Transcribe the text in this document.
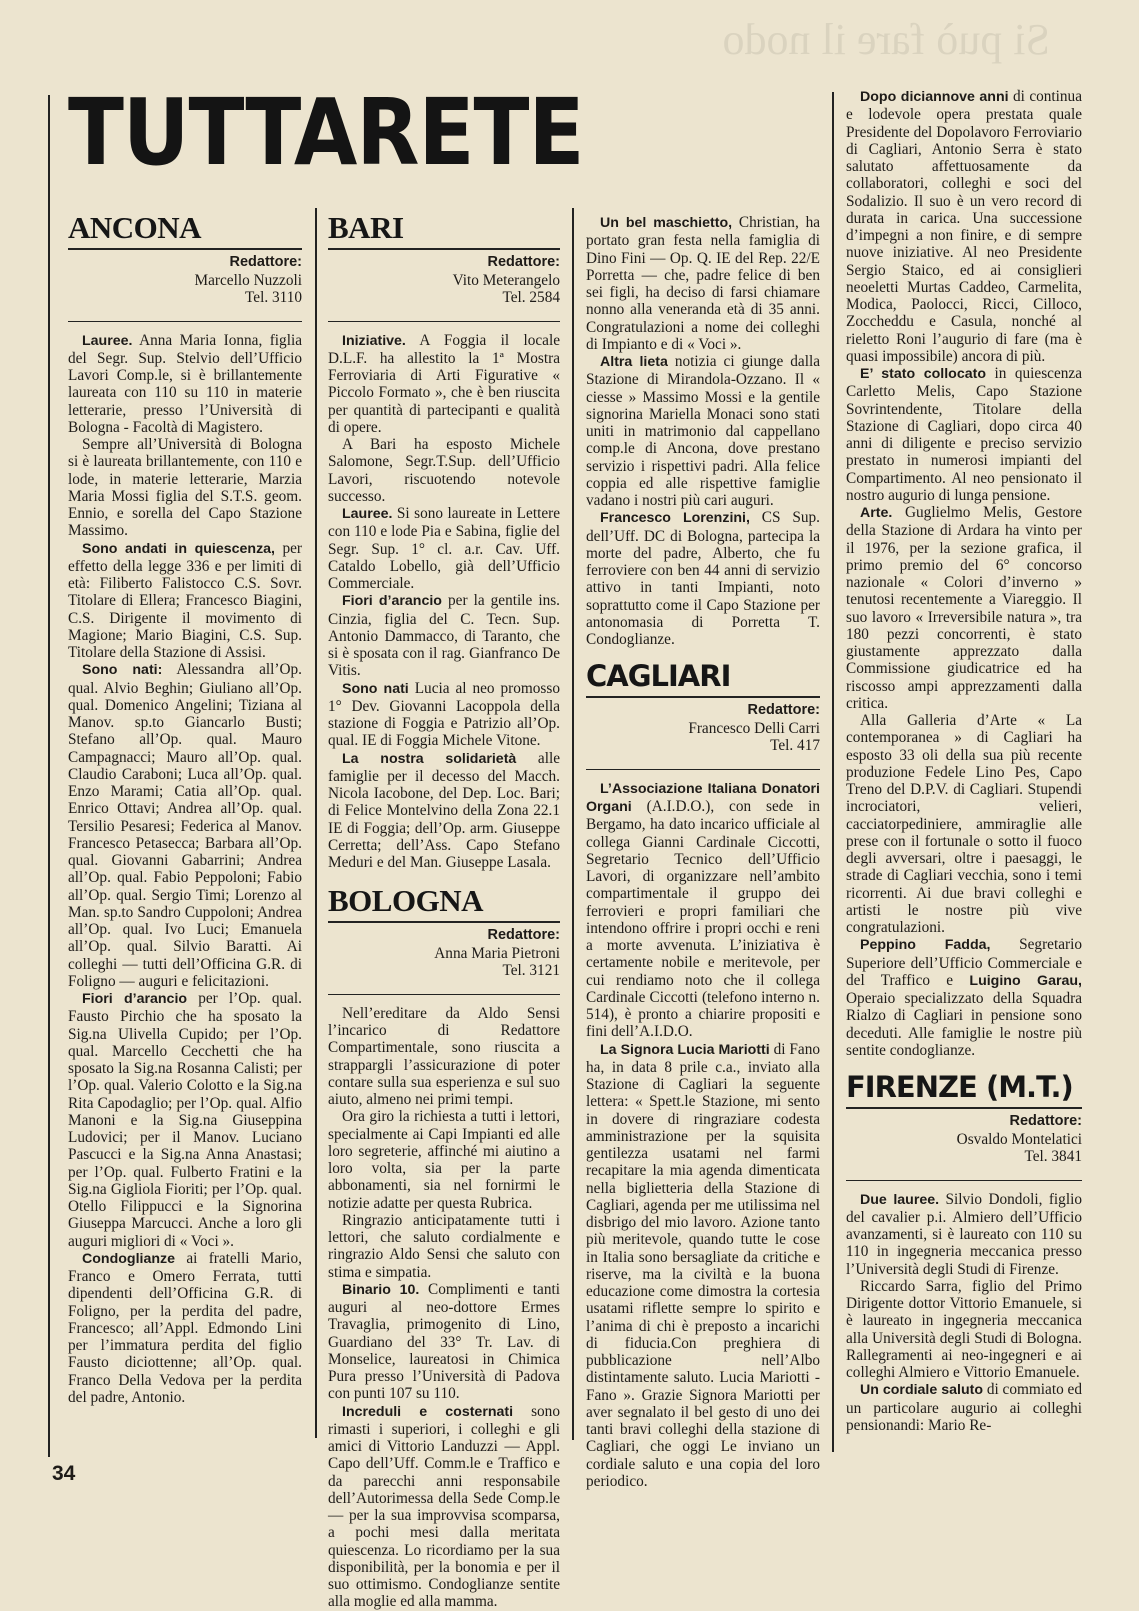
Si può fare il nodo
TUTTARETE
ANCONA
Redattore:
Marcello Nuzzoli
Tel. 3110

Lauree. Anna Maria Ionna, figlia del Segr. Sup. Stelvio dell’Ufficio Lavori Comp.le, si è brillantemente laureata con 110 su 110 in materie letterarie, presso l’Università di Bologna - Facoltà di Magistero.

Sempre all’Università di Bologna si è laureata brillantemente, con 110 e lode, in materie letterarie, Marzia Maria Mossi figlia del S.T.S. geom. Ennio, e sorella del Capo Stazione Massimo.

Sono andati in quiescenza, per effetto della legge 336 e per limiti di età: Filiberto Falistocco C.S. Sovr. Titolare di Ellera; Francesco Biagini, C.S. Dirigente il movimento di Magione; Mario Biagini, C.S. Sup. Titolare della Stazione di Assisi.

Sono nati: Alessandra all’Op. qual. Alvio Beghin; Giuliano all’Op. qual. Domenico Angelini; Tiziana al Manov. sp.to Giancarlo Busti; Stefano all’Op. qual. Mauro Campagnacci; Mauro all’Op. qual. Claudio Caraboni; Luca all’Op. qual. Enzo Marami; Catia all’Op. qual. Enrico Ottavi; Andrea all’Op. qual. Tersilio Pesaresi; Federica al Manov. Francesco Petasecca; Barbara all’Op. qual. Giovanni Gabarrini; Andrea all’Op. qual. Fabio Peppoloni; Fabio all’Op. qual. Sergio Timi; Lorenzo al Man. sp.to Sandro Cuppoloni; Andrea all’Op. qual. Ivo Luci; Emanuela all’Op. qual. Silvio Baratti. Ai colleghi — tutti dell’Officina G.R. di Foligno — auguri e felicitazioni.

Fiori d’arancio per l’Op. qual. Fausto Pirchio che ha sposato la Sig.na Ulivella Cupido; per l’Op. qual. Marcello Cecchetti che ha sposato la Sig.na Rosanna Calisti; per l’Op. qual. Valerio Colotto e la Sig.na Rita Capodaglio; per l’Op. qual. Alfio Manoni e la Sig.na Giuseppina Ludovici; per il Manov. Luciano Pascucci e la Sig.na Anna Anastasi; per l’Op. qual. Fulberto Fratini e la Sig.na Gigliola Fioriti; per l’Op. qual. Otello Filippucci e la Signorina Giuseppa Marcucci. Anche a loro gli auguri migliori di « Voci ».

Condoglianze ai fratelli Mario, Franco e Omero Ferrata, tutti dipendenti dell’Officina G.R. di Foligno, per la perdita del padre, Francesco; all’Appl. Edmondo Lini per l’immatura perdita del figlio Fausto diciottenne; all’Op. qual. Franco Della Vedova per la perdita del padre, Antonio.

BARI
Redattore:
Vito Meterangelo
Tel. 2584

Iniziative. A Foggia il locale D.L.F. ha allestito la 1ª Mostra Ferroviaria di Arti Figurative « Piccolo Formato », che è ben riuscita per quantità di partecipanti e qualità di opere.

A Bari ha esposto Michele Salomone, Segr.T.Sup. dell’Ufficio Lavori, riscuotendo notevole successo.

Lauree. Si sono laureate in Lettere con 110 e lode Pia e Sabina, figlie del Segr. Sup. 1° cl. a.r. Cav. Uff. Cataldo Lobello, già dell’Ufficio Commerciale.

Fiori d’arancio per la gentile ins. Cinzia, figlia del C. Tecn. Sup. Antonio Dammacco, di Taranto, che si è sposata con il rag. Gianfranco De Vitis.

Sono nati Lucia al neo promosso 1° Dev. Giovanni Lacoppola della stazione di Foggia e Patrizio all’Op. qual. IE di Foggia Michele Vitone.

La nostra solidarietà alle famiglie per il decesso del Macch. Nicola Iacobone, del Dep. Loc. Bari; di Felice Montelvino della Zona 22.1 IE di Foggia; dell’Op. arm. Giuseppe Cerretta; dell’Ass. Capo Stefano Meduri e del Man. Giuseppe Lasala.

BOLOGNA
Redattore:
Anna Maria Pietroni
Tel. 3121

Nell’ereditare da Aldo Sensi l’incarico di Redattore Compartimentale, sono riuscita a strappargli l’assicurazione di poter contare sulla sua esperienza e sul suo aiuto, almeno nei primi tempi.

Ora giro la richiesta a tutti i lettori, specialmente ai Capi Impianti ed alle loro segreterie, affinché mi aiutino a loro volta, sia per la parte abbonamenti, sia nel fornirmi le notizie adatte per questa Rubrica.

Ringrazio anticipatamente tutti i lettori, che saluto cordialmente e ringrazio Aldo Sensi che saluto con stima e simpatia.

Binario 10. Complimenti e tanti auguri al neo-dottore Ermes Travaglia, primogenito di Lino, Guardiano del 33° Tr. Lav. di Monselice, laureatosi in Chimica Pura presso l’Università di Padova con punti 107 su 110.

Increduli e costernati sono rimasti i superiori, i colleghi e gli amici di Vittorio Landuzzi — Appl. Capo dell’Uff. Comm.le e Traffico e da parecchi anni responsabile dell’Autorimessa della Sede Comp.le — per la sua improvvisa scomparsa, a pochi mesi dalla meritata quiescenza. Lo ricordiamo per la sua disponibilità, per la bonomia e per il suo ottimismo. Condoglianze sentite alla moglie ed alla mamma.

Un bel maschietto, Christian, ha portato gran festa nella famiglia di Dino Fini — Op. Q. IE del Rep. 22/E Porretta — che, padre felice di ben sei figli, ha deciso di farsi chiamare nonno alla veneranda età di 35 anni. Congratulazioni a nome dei colleghi di Impianto e di « Voci ».

Altra lieta notizia ci giunge dalla Stazione di Mirandola-Ozzano. Il « ciesse » Massimo Mossi e la gentile signorina Mariella Monaci sono stati uniti in matrimonio dal cappellano comp.le di Ancona, dove prestano servizio i rispettivi padri. Alla felice coppia ed alle rispettive famiglie vadano i nostri più cari auguri.

Francesco Lorenzini, CS Sup. dell’Uff. DC di Bologna, partecipa la morte del padre, Alberto, che fu ferroviere con ben 44 anni di servizio attivo in tanti Impianti, noto soprattutto come il Capo Stazione per antonomasia di Porretta T. Condoglianze.

CAGLIARI
Redattore:
Francesco Delli Carri
Tel. 417

L’Associazione Italiana Donatori Organi (A.I.D.O.), con sede in Bergamo, ha dato incarico ufficiale al collega Gianni Cardinale Ciccotti, Segretario Tecnico dell’Ufficio Lavori, di organizzare nell’ambito compartimentale il gruppo dei ferrovieri e propri familiari che intendono offrire i propri occhi e reni a morte avvenuta. L’iniziativa è certamente nobile e meritevole, per cui rendiamo noto che il collega Cardinale Ciccotti (telefono interno n. 514), è pronto a chiarire propositi e fini dell’A.I.D.O.

La Signora Lucia Mariotti di Fano ha, in data 8 prile c.a., inviato alla Stazione di Cagliari la seguente lettera: « Spett.le Stazione, mi sento in dovere di ringraziare codesta amministrazione per la squisita gentilezza usatami nel farmi recapitare la mia agenda dimenticata nella biglietteria della Stazione di Cagliari, agenda per me utilissima nel disbrigo del mio lavoro. Azione tanto più meritevole, quando tutte le cose in Italia sono bersagliate da critiche e riserve, ma la civiltà e la buona educazione come dimostra la cortesia usatami riflette sempre lo spirito e l’anima di chi è preposto a incarichi di fiducia.Con preghiera di pubblicazione nell’Albo distintamente saluto. Lucia Mariotti - Fano ». Grazie Signora Mariotti per aver segnalato il bel gesto di uno dei tanti bravi colleghi della stazione di Cagliari, che oggi Le inviano un cordiale saluto e una copia del loro periodico.

Dopo diciannove anni di continua e lodevole opera prestata quale Presidente del Dopolavoro Ferroviario di Cagliari, Antonio Serra è stato salutato affettuosamente da collaboratori, colleghi e soci del Sodalizio. Il suo è un vero record di durata in carica. Una successione d’impegni a non finire, e di sempre nuove iniziative. Al neo Presidente Sergio Staico, ed ai consiglieri neoeletti Murtas Caddeo, Carmelita, Modica, Paolocci, Ricci, Cilloco, Zoccheddu e Casula, nonché al rieletto Roni l’augurio di fare (ma è quasi impossibile) ancora di più.

E’ stato collocato in quiescenza Carletto Melis, Capo Stazione Sovrintendente, Titolare della Stazione di Cagliari, dopo circa 40 anni di diligente e preciso servizio prestato in numerosi impianti del Compartimento. Al neo pensionato il nostro augurio di lunga pensione.

Arte. Guglielmo Melis, Gestore della Stazione di Ardara ha vinto per il 1976, per la sezione grafica, il primo premio del 6° concorso nazionale « Colori d’inverno » tenutosi recentemente a Viareggio. Il suo lavoro « Irreversibile natura », tra 180 pezzi concorrenti, è stato giustamente apprezzato dalla Commissione giudicatrice ed ha riscosso ampi apprezzamenti dalla critica.

Alla Galleria d’Arte « La contemporanea » di Cagliari ha esposto 33 oli della sua più recente produzione Fedele Lino Pes, Capo Treno del D.P.V. di Cagliari. Stupendi incrociatori, velieri, cacciatorpediniere, ammiraglie alle prese con il fortunale o sotto il fuoco degli avversari, oltre i paesaggi, le strade di Cagliari vecchia, sono i temi ricorrenti. Ai due bravi colleghi e artisti le nostre più vive congratulazioni.

Peppino Fadda, Segretario Superiore dell’Ufficio Commerciale e del Traffico e Luigino Garau, Operaio specializzato della Squadra Rialzo di Cagliari in pensione sono deceduti. Alle famiglie le nostre più sentite condoglianze.

FIRENZE (M.T.)
Redattore:
Osvaldo Montelatici
Tel. 3841

Due lauree. Silvio Dondoli, figlio del cavalier p.i. Almiero dell’Ufficio avanzamenti, si è laureato con 110 su 110 in ingegneria meccanica presso l’Università degli Studi di Firenze.

Riccardo Sarra, figlio del Primo Dirigente dottor Vittorio Emanuele, si è laureato in ingegneria meccanica alla Università degli Studi di Bologna. Rallegramenti ai neo-ingegneri e ai colleghi Almiero e Vittorio Emanuele.

Un cordiale saluto di commiato ed un particolare augurio ai colleghi pensionandi: Mario Re-

34
